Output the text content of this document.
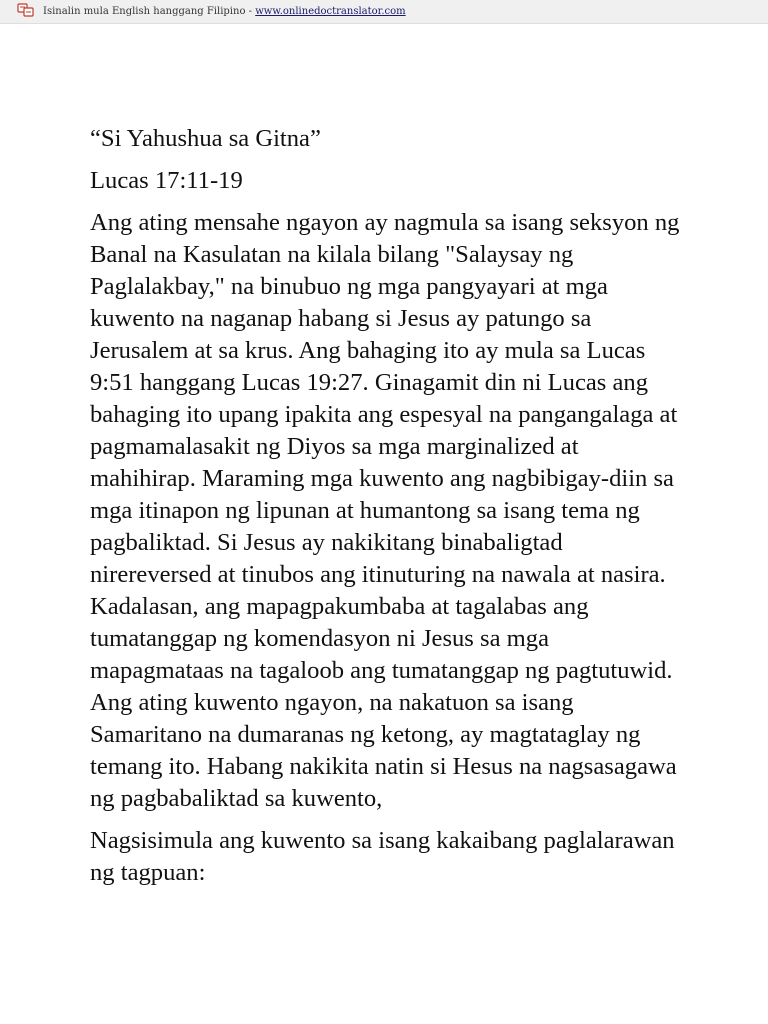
Isinalin mula English hanggang Filipino - www.onlinedoctranslator.com

“Si Yahushua sa Gitna”

Lucas 17:11-19

Ang ating mensahe ngayon ay nagmula sa isang seksyon ng Banal na Kasulatan na kilala bilang "Salaysay ng Paglalakbay," na binubuo ng mga pangyayari at mga kuwento na naganap habang si Jesus ay patungo sa Jerusalem at sa krus. Ang bahaging ito ay mula sa Lucas 9:51 hanggang Lucas 19:27. Ginagamit din ni Lucas ang bahaging ito upang ipakita ang espesyal na pangangalaga at pagmamalasakit ng Diyos sa mga marginalized at mahihirap. Maraming mga kuwento ang nagbibigay-diin sa mga itinapon ng lipunan at humantong sa isang tema ng pagbaliktad. Si Jesus ay nakikitang binabaligtad nirereversed at tinubos ang itinuturing na nawala at nasira. Kadalasan, ang mapagpakumbaba at tagalabas ang tumatanggap ng komendasyon ni Jesus sa mga mapagmataas na tagaloob ang tumatanggap ng pagtutuwid. Ang ating kuwento ngayon, na nakatuon sa isang Samaritano na dumaranas ng ketong, ay magtataglay ng temang ito. Habang nakikita natin si Hesus na nagsasagawa ng pagbabaliktad sa kuwento,

Nagsisimula ang kuwento sa isang kakaibang paglalarawan ng tagpuan:
